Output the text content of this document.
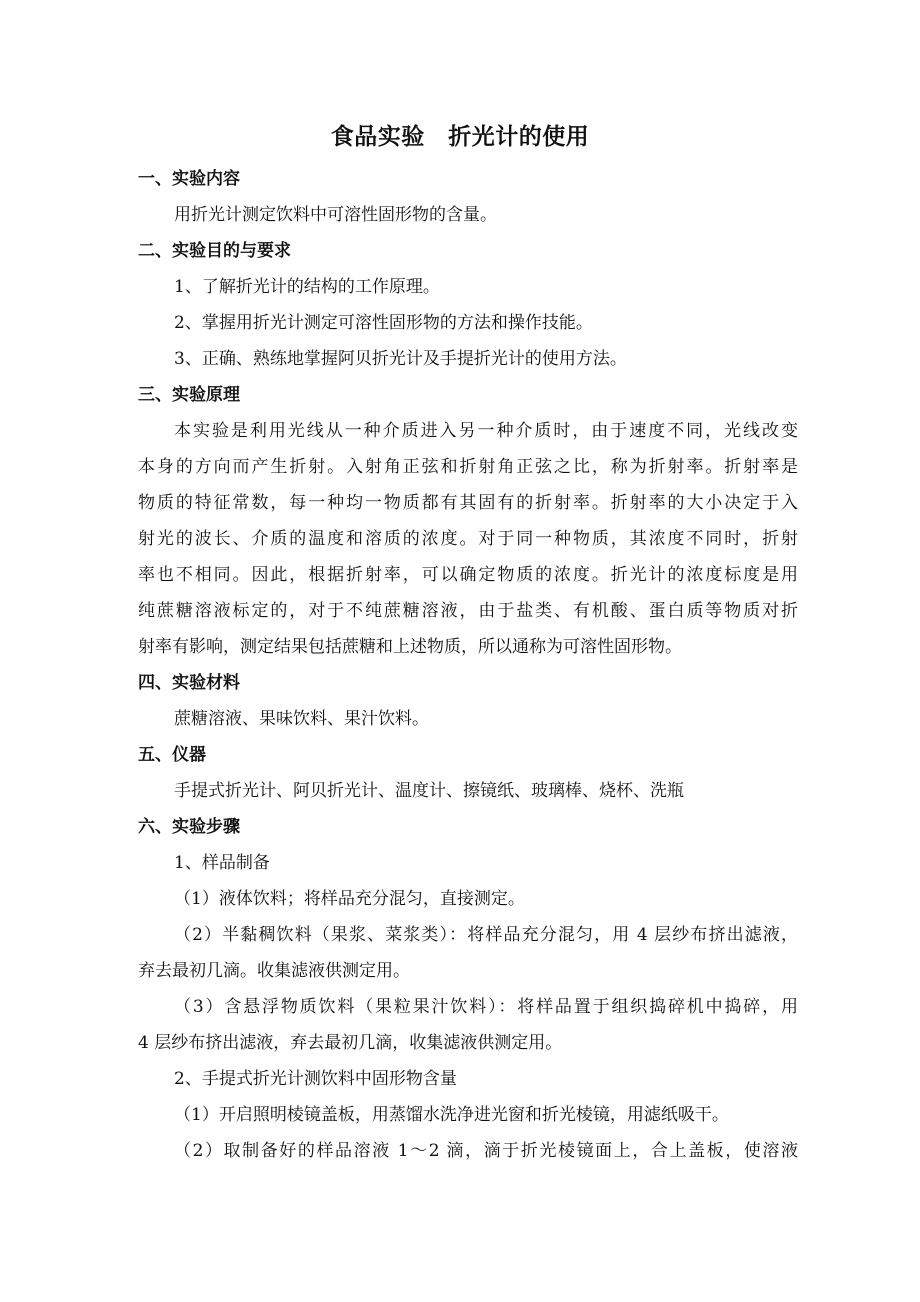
食品实验　折光计的使用
一、实验内容
用折光计测定饮料中可溶性固形物的含量。
二、实验目的与要求
1、了解折光计的结构的工作原理。
2、掌握用折光计测定可溶性固形物的方法和操作技能。
3、正确、熟练地掌握阿贝折光计及手提折光计的使用方法。
三、实验原理
本实验是利用光线从一种介质进入另一种介质时，由于速度不同，光线改变
本身的方向而产生折射。入射角正弦和折射角正弦之比，称为折射率。折射率是
物质的特征常数，每一种均一物质都有其固有的折射率。折射率的大小决定于入
射光的波长、介质的温度和溶质的浓度。对于同一种物质，其浓度不同时，折射
率也不相同。因此，根据折射率，可以确定物质的浓度。折光计的浓度标度是用
纯蔗糖溶液标定的，对于不纯蔗糖溶液，由于盐类、有机酸、蛋白质等物质对折
射率有影响，测定结果包括蔗糖和上述物质，所以通称为可溶性固形物。
四、实验材料
蔗糖溶液、果味饮料、果汁饮料。
五、仪器
手提式折光计、阿贝折光计、温度计、擦镜纸、玻璃棒、烧杯、洗瓶
六、实验步骤
1、样品制备
（1）液体饮料；将样品充分混匀，直接测定。
（2）半黏稠饮料（果浆、菜浆类）：将样品充分混匀，用 4 层纱布挤出滤液，
弃去最初几滴。收集滤液供测定用。
（3）含悬浮物质饮料（果粒果汁饮料）：将样品置于组织捣碎机中捣碎，用
4 层纱布挤出滤液，弃去最初几滴，收集滤液供测定用。
2、手提式折光计测饮料中固形物含量
（1）开启照明棱镜盖板，用蒸馏水洗净进光窗和折光棱镜，用滤纸吸干。
（2）取制备好的样品溶液 1～2 滴，滴于折光棱镜面上，合上盖板，使溶液
